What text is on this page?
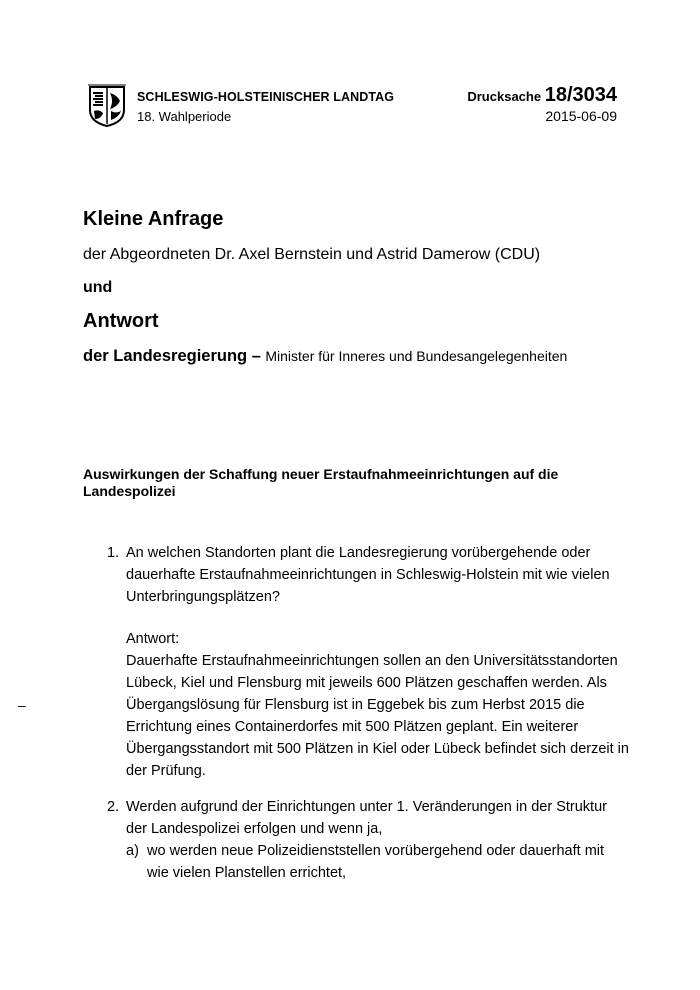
SCHLESWIG-HOLSTEINISCHER LANDTAG
18. Wahlperiode
Drucksache 18/3034
2015-06-09
Kleine Anfrage
der Abgeordneten Dr. Axel Bernstein und Astrid Damerow (CDU)
und
Antwort
der Landesregierung – Minister für Inneres und Bundesangelegenheiten
Auswirkungen der Schaffung neuer Erstaufnahmeeinrichtungen auf die Landespolizei
–
1. An welchen Standorten plant die Landesregierung vorübergehende oder
dauerhafte Erstaufnahmeeinrichtungen in Schleswig-Holstein mit wie vielen
Unterbringungsplätzen?
Antwort:
Dauerhafte Erstaufnahmeeinrichtungen sollen an den Universitätsstandorten
Lübeck, Kiel und Flensburg mit jeweils 600 Plätzen geschaffen werden. Als
Übergangslösung für Flensburg ist in Eggebek bis zum Herbst 2015 die
Errichtung eines Containerdorfes mit 500 Plätzen geplant. Ein weiterer
Übergangsstandort mit 500 Plätzen in Kiel oder Lübeck befindet sich derzeit in
der Prüfung.
2. Werden aufgrund der Einrichtungen unter 1. Veränderungen in der Struktur
der Landespolizei erfolgen und wenn ja,
a) wo werden neue Polizeidienststellen vorübergehend oder dauerhaft mit
wie vielen Planstellen errichtet,
